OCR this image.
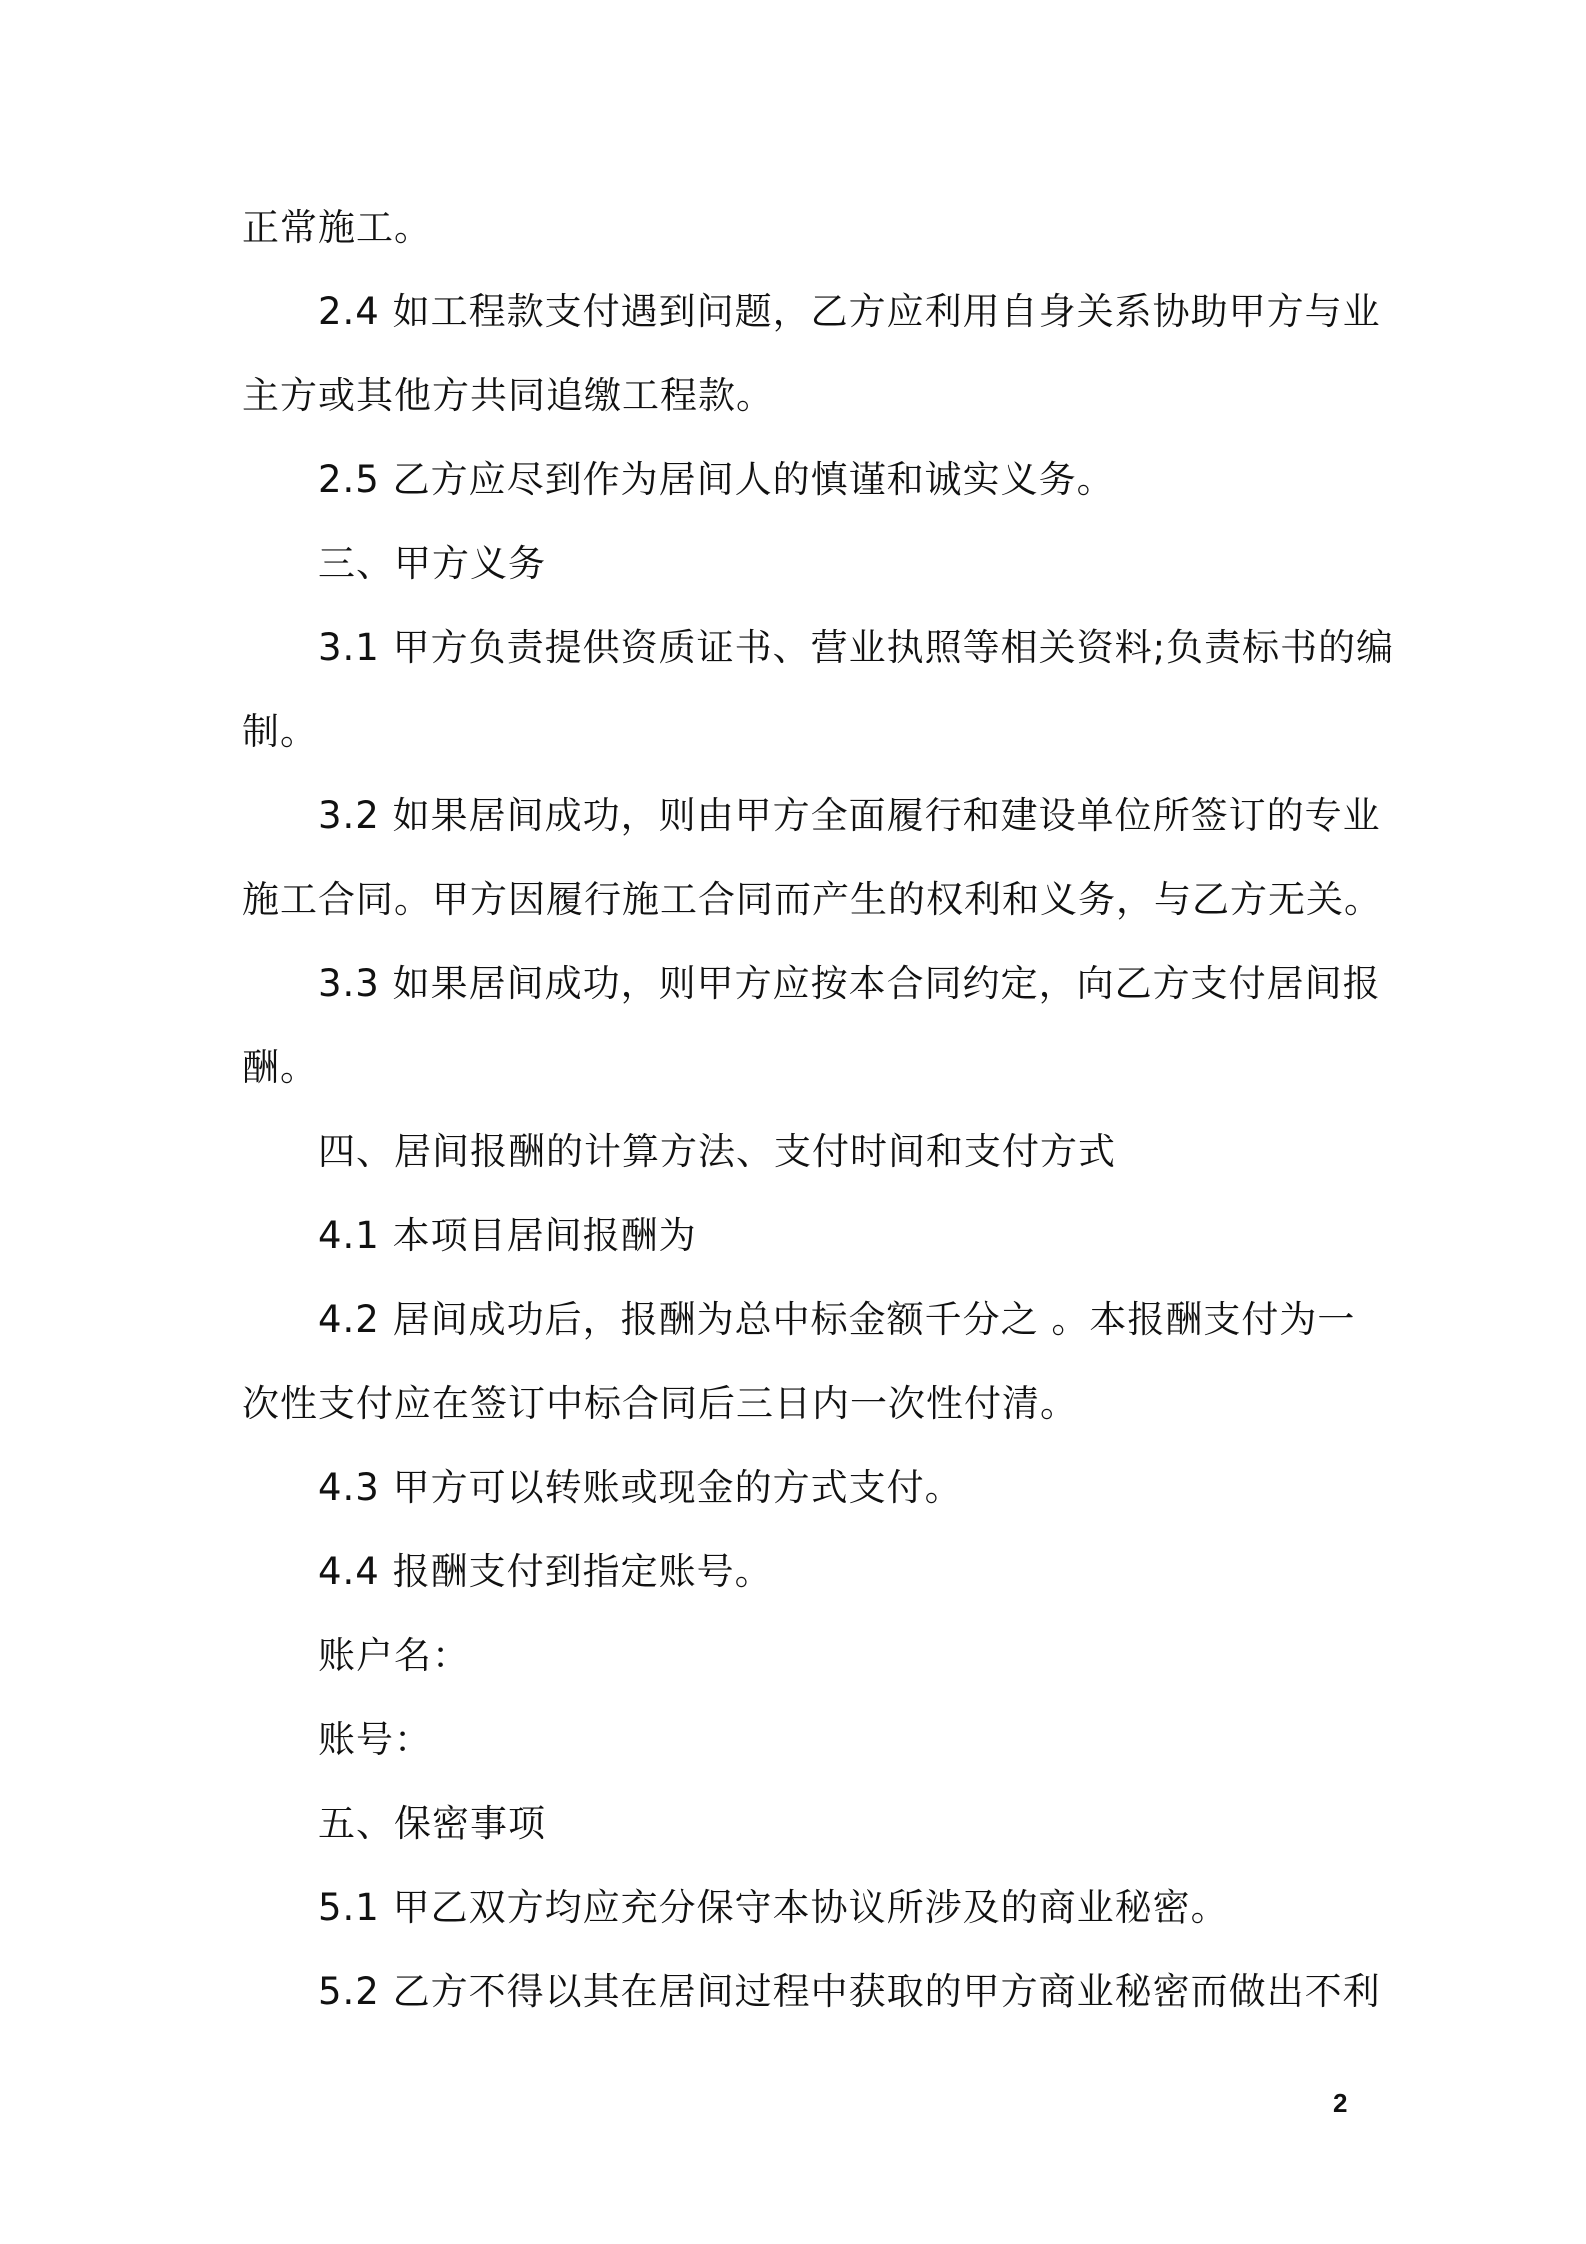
正常施工。
2.4 如工程款支付遇到问题，乙方应利用自身关系协助甲方与业
主方或其他方共同追缴工程款。
2.5 乙方应尽到作为居间人的慎谨和诚实义务。
三、甲方义务
3.1 甲方负责提供资质证书、营业执照等相关资料;负责标书的编
制。
3.2 如果居间成功，则由甲方全面履行和建设单位所签订的专业
施工合同。甲方因履行施工合同而产生的权利和义务，与乙方无关。
3.3 如果居间成功，则甲方应按本合同约定，向乙方支付居间报
酬。
四、居间报酬的计算方法、支付时间和支付方式
4.1 本项目居间报酬为
4.2 居间成功后，报酬为总中标金额千分之 。本报酬支付为一
次性支付应在签订中标合同后三日内一次性付清。
4.3 甲方可以转账或现金的方式支付。
4.4 报酬支付到指定账号。
账户名：
账号：
五、保密事项
5.1 甲乙双方均应充分保守本协议所涉及的商业秘密。
5.2 乙方不得以其在居间过程中获取的甲方商业秘密而做出不利
2
